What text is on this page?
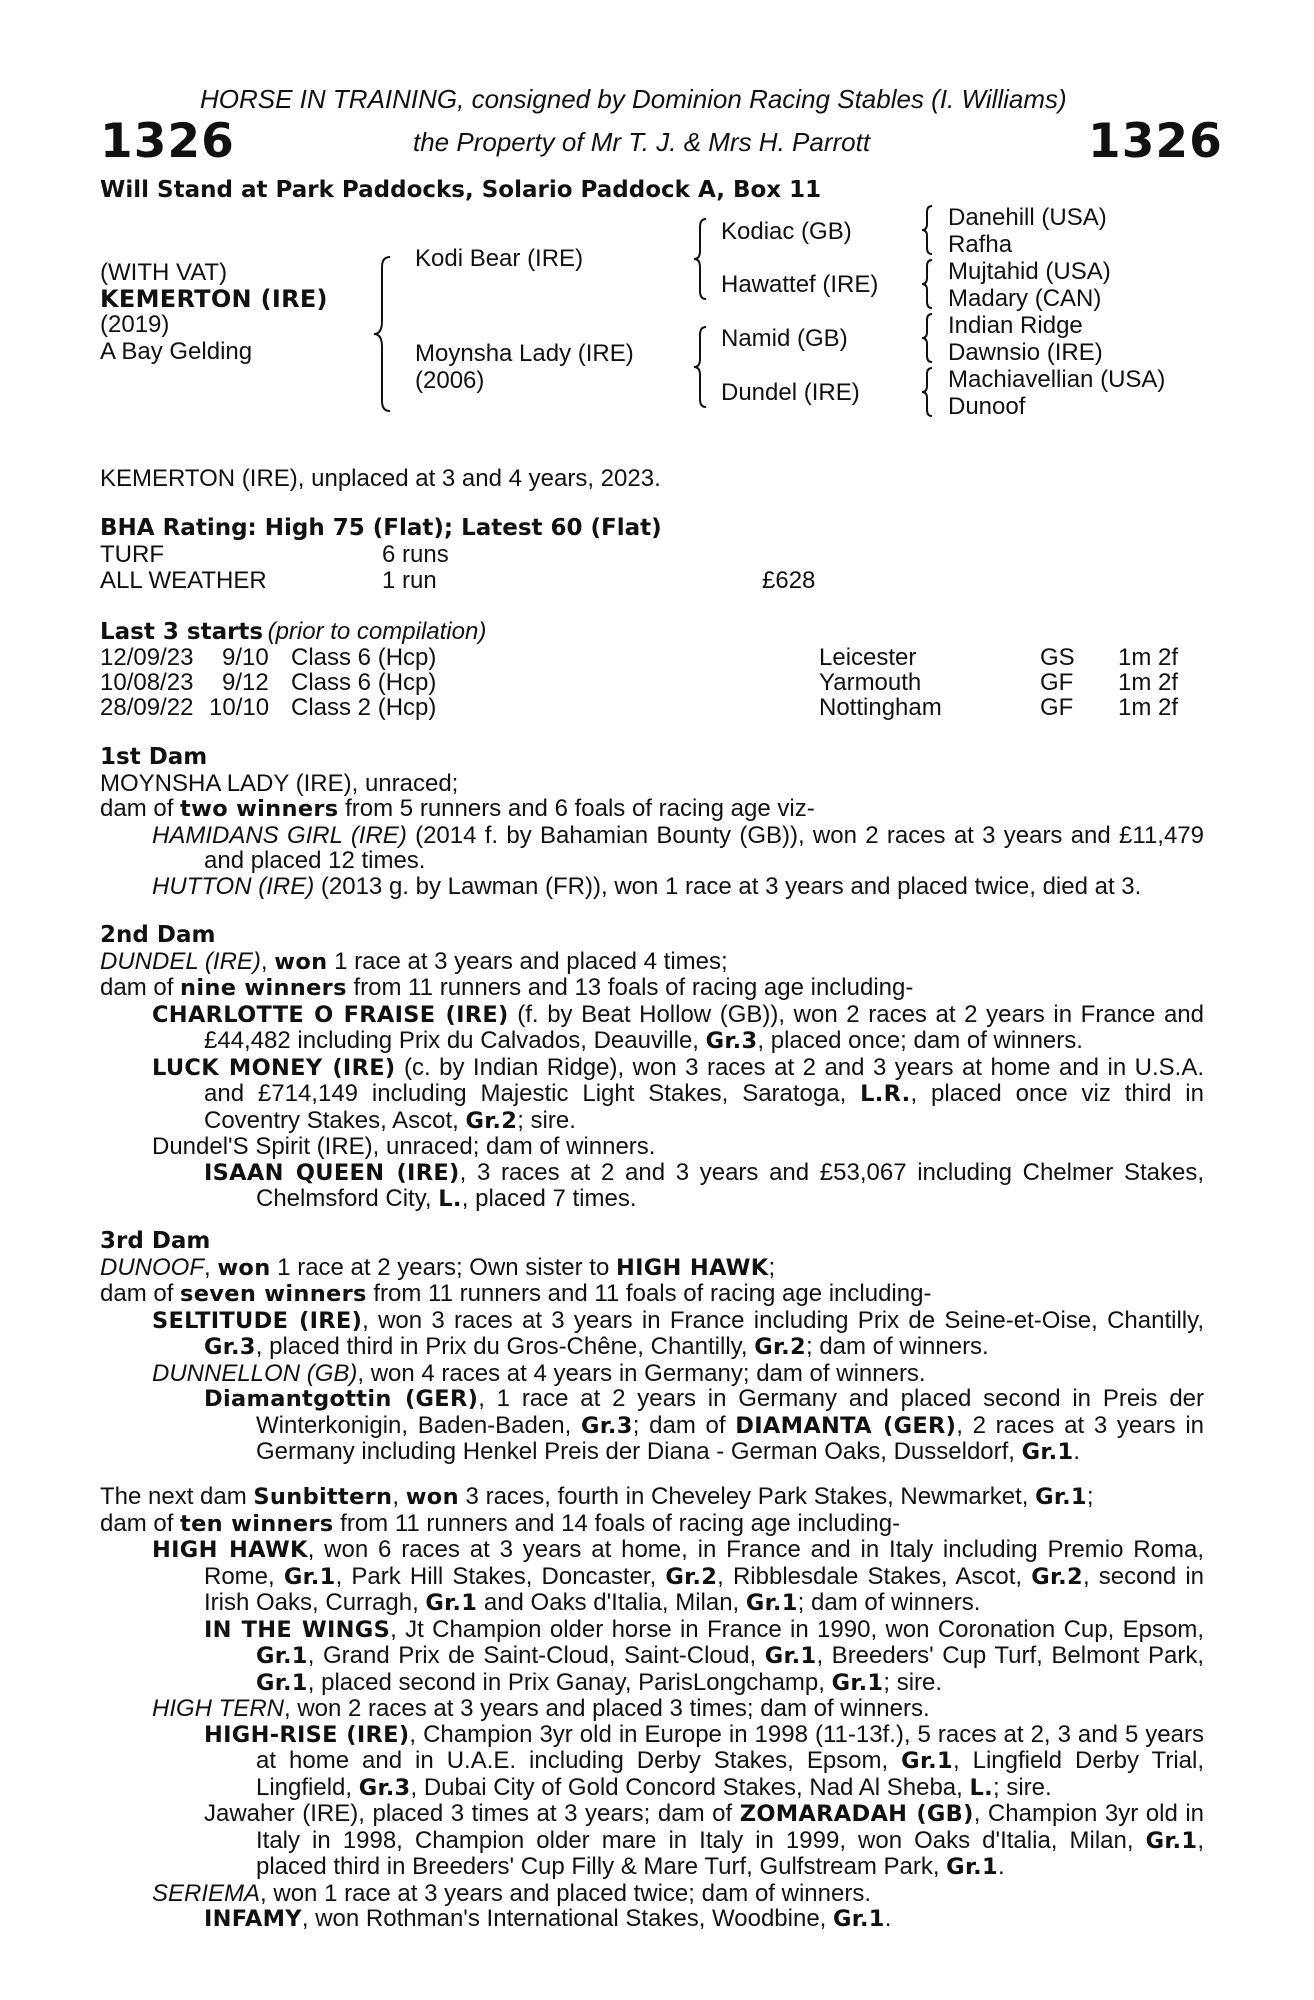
HORSE IN TRAINING, consigned by Dominion Racing Stables (I. Williams)
1326	the Property of Mr T. J. & Mrs H. Parrott	1326
Will Stand at Park Paddocks, Solario Paddock A, Box 11
(WITH VAT)
KEMERTON (IRE)
(2019)
A Bay Gelding
Kodi Bear (IRE)
Moynsha Lady (IRE)
(2006)
Kodiac (GB)
Hawattef (IRE)
Namid (GB)
Dundel (IRE)
Danehill (USA)
Rafha
Mujtahid (USA)
Madary (CAN)
Indian Ridge
Dawnsio (IRE)
Machiavellian (USA)
Dunoof
KEMERTON (IRE), unplaced at 3 and 4 years, 2023.
BHA Rating: High 75 (Flat); Latest 60 (Flat)
TURF	6 runs
ALL WEATHER	1 run	£628
Last 3 starts (prior to compilation)
12/09/23 9/10 Class 6 (Hcp)	Leicester	GS 1m 2f
10/08/23 9/12 Class 6 (Hcp)	Yarmouth	GF 1m 2f
28/09/22 10/10 Class 2 (Hcp)	Nottingham	GF 1m 2f

1st Dam

MOYNSHA LADY (IRE), unraced;

dam of two winners from 5 runners and 6 foals of racing age viz-

HAMIDANS GIRL (IRE) (2014 f. by Bahamian Bounty (GB)), won 2 races at 3 years and £11,479 and placed 12 times.

HUTTON (IRE) (2013 g. by Lawman (FR)), won 1 race at 3 years and placed twice, died at 3.

2nd Dam

DUNDEL (IRE), won 1 race at 3 years and placed 4 times;

dam of nine winners from 11 runners and 13 foals of racing age including-

CHARLOTTE O FRAISE (IRE) (f. by Beat Hollow (GB)), won 2 races at 2 years in France and £44,482 including Prix du Calvados, Deauville, Gr.3, placed once; dam of winners.

LUCK MONEY (IRE) (c. by Indian Ridge), won 3 races at 2 and 3 years at home and in U.S.A. and £714,149 including Majestic Light Stakes, Saratoga, L.R., placed once viz third in Coventry Stakes, Ascot, Gr.2; sire.

Dundel'S Spirit (IRE), unraced; dam of winners.

ISAAN QUEEN (IRE), 3 races at 2 and 3 years and £53,067 including Chelmer Stakes, Chelmsford City, L., placed 7 times.

3rd Dam

DUNOOF, won 1 race at 2 years; Own sister to HIGH HAWK;

dam of seven winners from 11 runners and 11 foals of racing age including-

SELTITUDE (IRE), won 3 races at 3 years in France including Prix de Seine-et-Oise, Chantilly, Gr.3, placed third in Prix du Gros-Chêne, Chantilly, Gr.2; dam of winners.

DUNNELLON (GB), won 4 races at 4 years in Germany; dam of winners.

Diamantgottin (GER), 1 race at 2 years in Germany and placed second in Preis der Winterkonigin, Baden-Baden, Gr.3; dam of DIAMANTA (GER), 2 races at 3 years in Germany including Henkel Preis der Diana - German Oaks, Dusseldorf, Gr.1.

The next dam Sunbittern, won 3 races, fourth in Cheveley Park Stakes, Newmarket, Gr.1;

dam of ten winners from 11 runners and 14 foals of racing age including-

HIGH HAWK, won 6 races at 3 years at home, in France and in Italy including Premio Roma, Rome, Gr.1, Park Hill Stakes, Doncaster, Gr.2, Ribblesdale Stakes, Ascot, Gr.2, second in Irish Oaks, Curragh, Gr.1 and Oaks d'Italia, Milan, Gr.1; dam of winners.

IN THE WINGS, Jt Champion older horse in France in 1990, won Coronation Cup, Epsom, Gr.1, Grand Prix de Saint-Cloud, Saint-Cloud, Gr.1, Breeders' Cup Turf, Belmont Park, Gr.1, placed second in Prix Ganay, ParisLongchamp, Gr.1; sire.

HIGH TERN, won 2 races at 3 years and placed 3 times; dam of winners.

HIGH-RISE (IRE), Champion 3yr old in Europe in 1998 (11-13f.), 5 races at 2, 3 and 5 years at home and in U.A.E. including Derby Stakes, Epsom, Gr.1, Lingfield Derby Trial, Lingfield, Gr.3, Dubai City of Gold Concord Stakes, Nad Al Sheba, L.; sire.

Jawaher (IRE), placed 3 times at 3 years; dam of ZOMARADAH (GB), Champion 3yr old in Italy in 1998, Champion older mare in Italy in 1999, won Oaks d'Italia, Milan, Gr.1, placed third in Breeders' Cup Filly & Mare Turf, Gulfstream Park, Gr.1.

SERIEMA, won 1 race at 3 years and placed twice; dam of winners.

INFAMY, won Rothman's International Stakes, Woodbine, Gr.1.
